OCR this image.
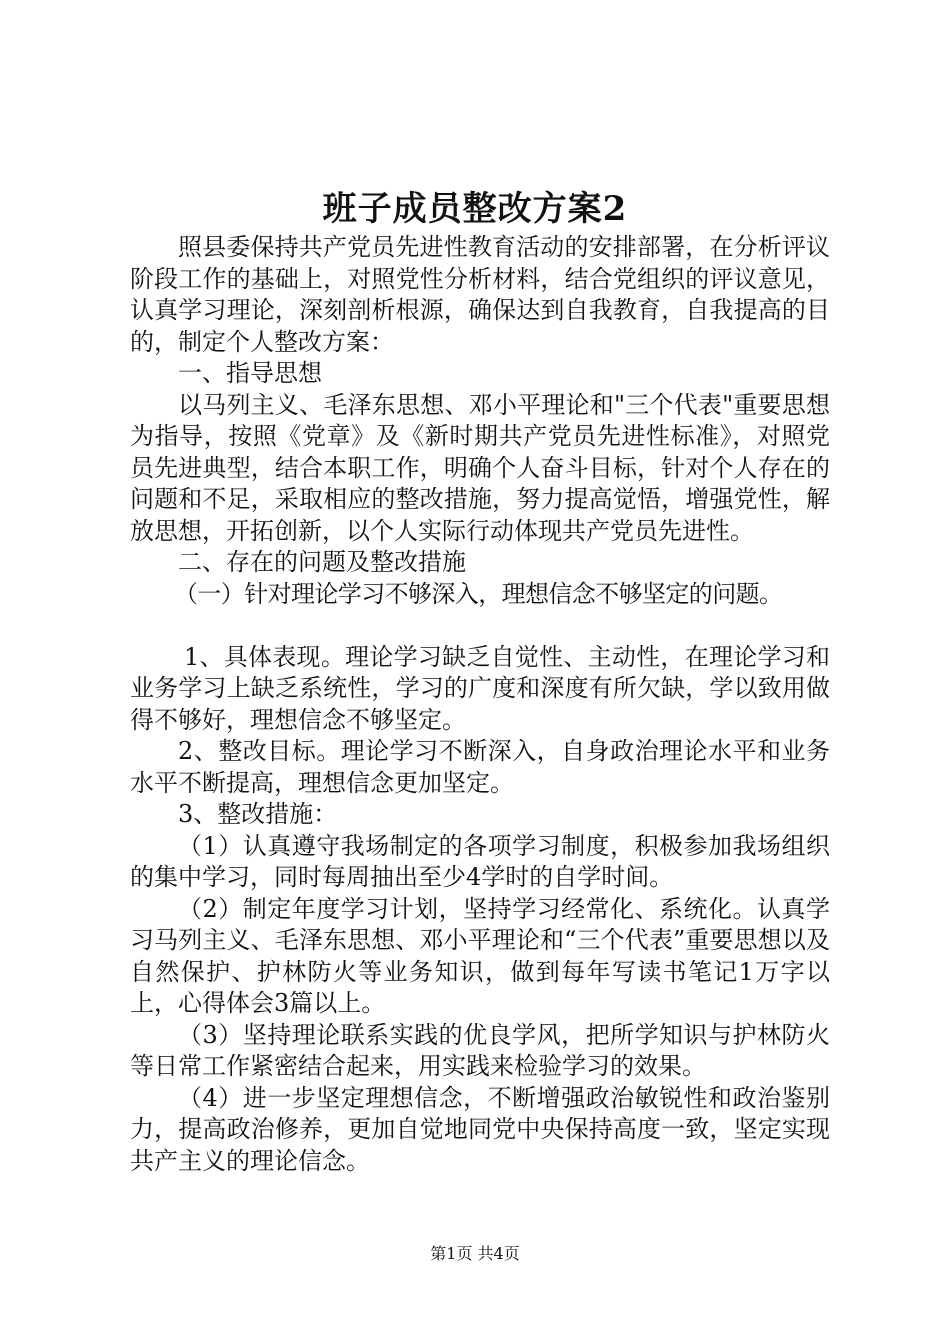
班子成员整改方案2

照县委保持共产党员先进性教育活动的安排部署，在分析评议阶段工作的基础上，对照党性分析材料，结合党组织的评议意见，认真学习理论，深刻剖析根源，确保达到自我教育，自我提高的目的，制定个人整改方案：

一、指导思想

以马列主义、毛泽东思想、邓小平理论和"三个代表"重要思想为指导，按照《党章》及《新时期共产党员先进性标准》，对照党员先进典型，结合本职工作，明确个人奋斗目标，针对个人存在的问题和不足，采取相应的整改措施，努力提高觉悟，增强党性，解放思想，开拓创新，以个人实际行动体现共产党员先进性。

二、存在的问题及整改措施

（一）针对理论学习不够深入，理想信念不够坚定的问题。

1、具体表现。理论学习缺乏自觉性、主动性，在理论学习和业务学习上缺乏系统性，学习的广度和深度有所欠缺，学以致用做得不够好，理想信念不够坚定。

2、整改目标。理论学习不断深入，自身政治理论水平和业务水平不断提高，理想信念更加坚定。

3、整改措施：

（1）认真遵守我场制定的各项学习制度，积极参加我场组织的集中学习，同时每周抽出至少4学时的自学时间。

（2）制定年度学习计划，坚持学习经常化、系统化。认真学习马列主义、毛泽东思想、邓小平理论和“三个代表”重要思想以及自然保护、护林防火等业务知识，做到每年写读书笔记1万字以上，心得体会3篇以上。

（3）坚持理论联系实践的优良学风，把所学知识与护林防火等日常工作紧密结合起来，用实践来检验学习的效果。

（4）进一步坚定理想信念，不断增强政治敏锐性和政治鉴别力，提高政治修养，更加自觉地同党中央保持高度一致，坚定实现共产主义的理论信念。

第1页 共4页
